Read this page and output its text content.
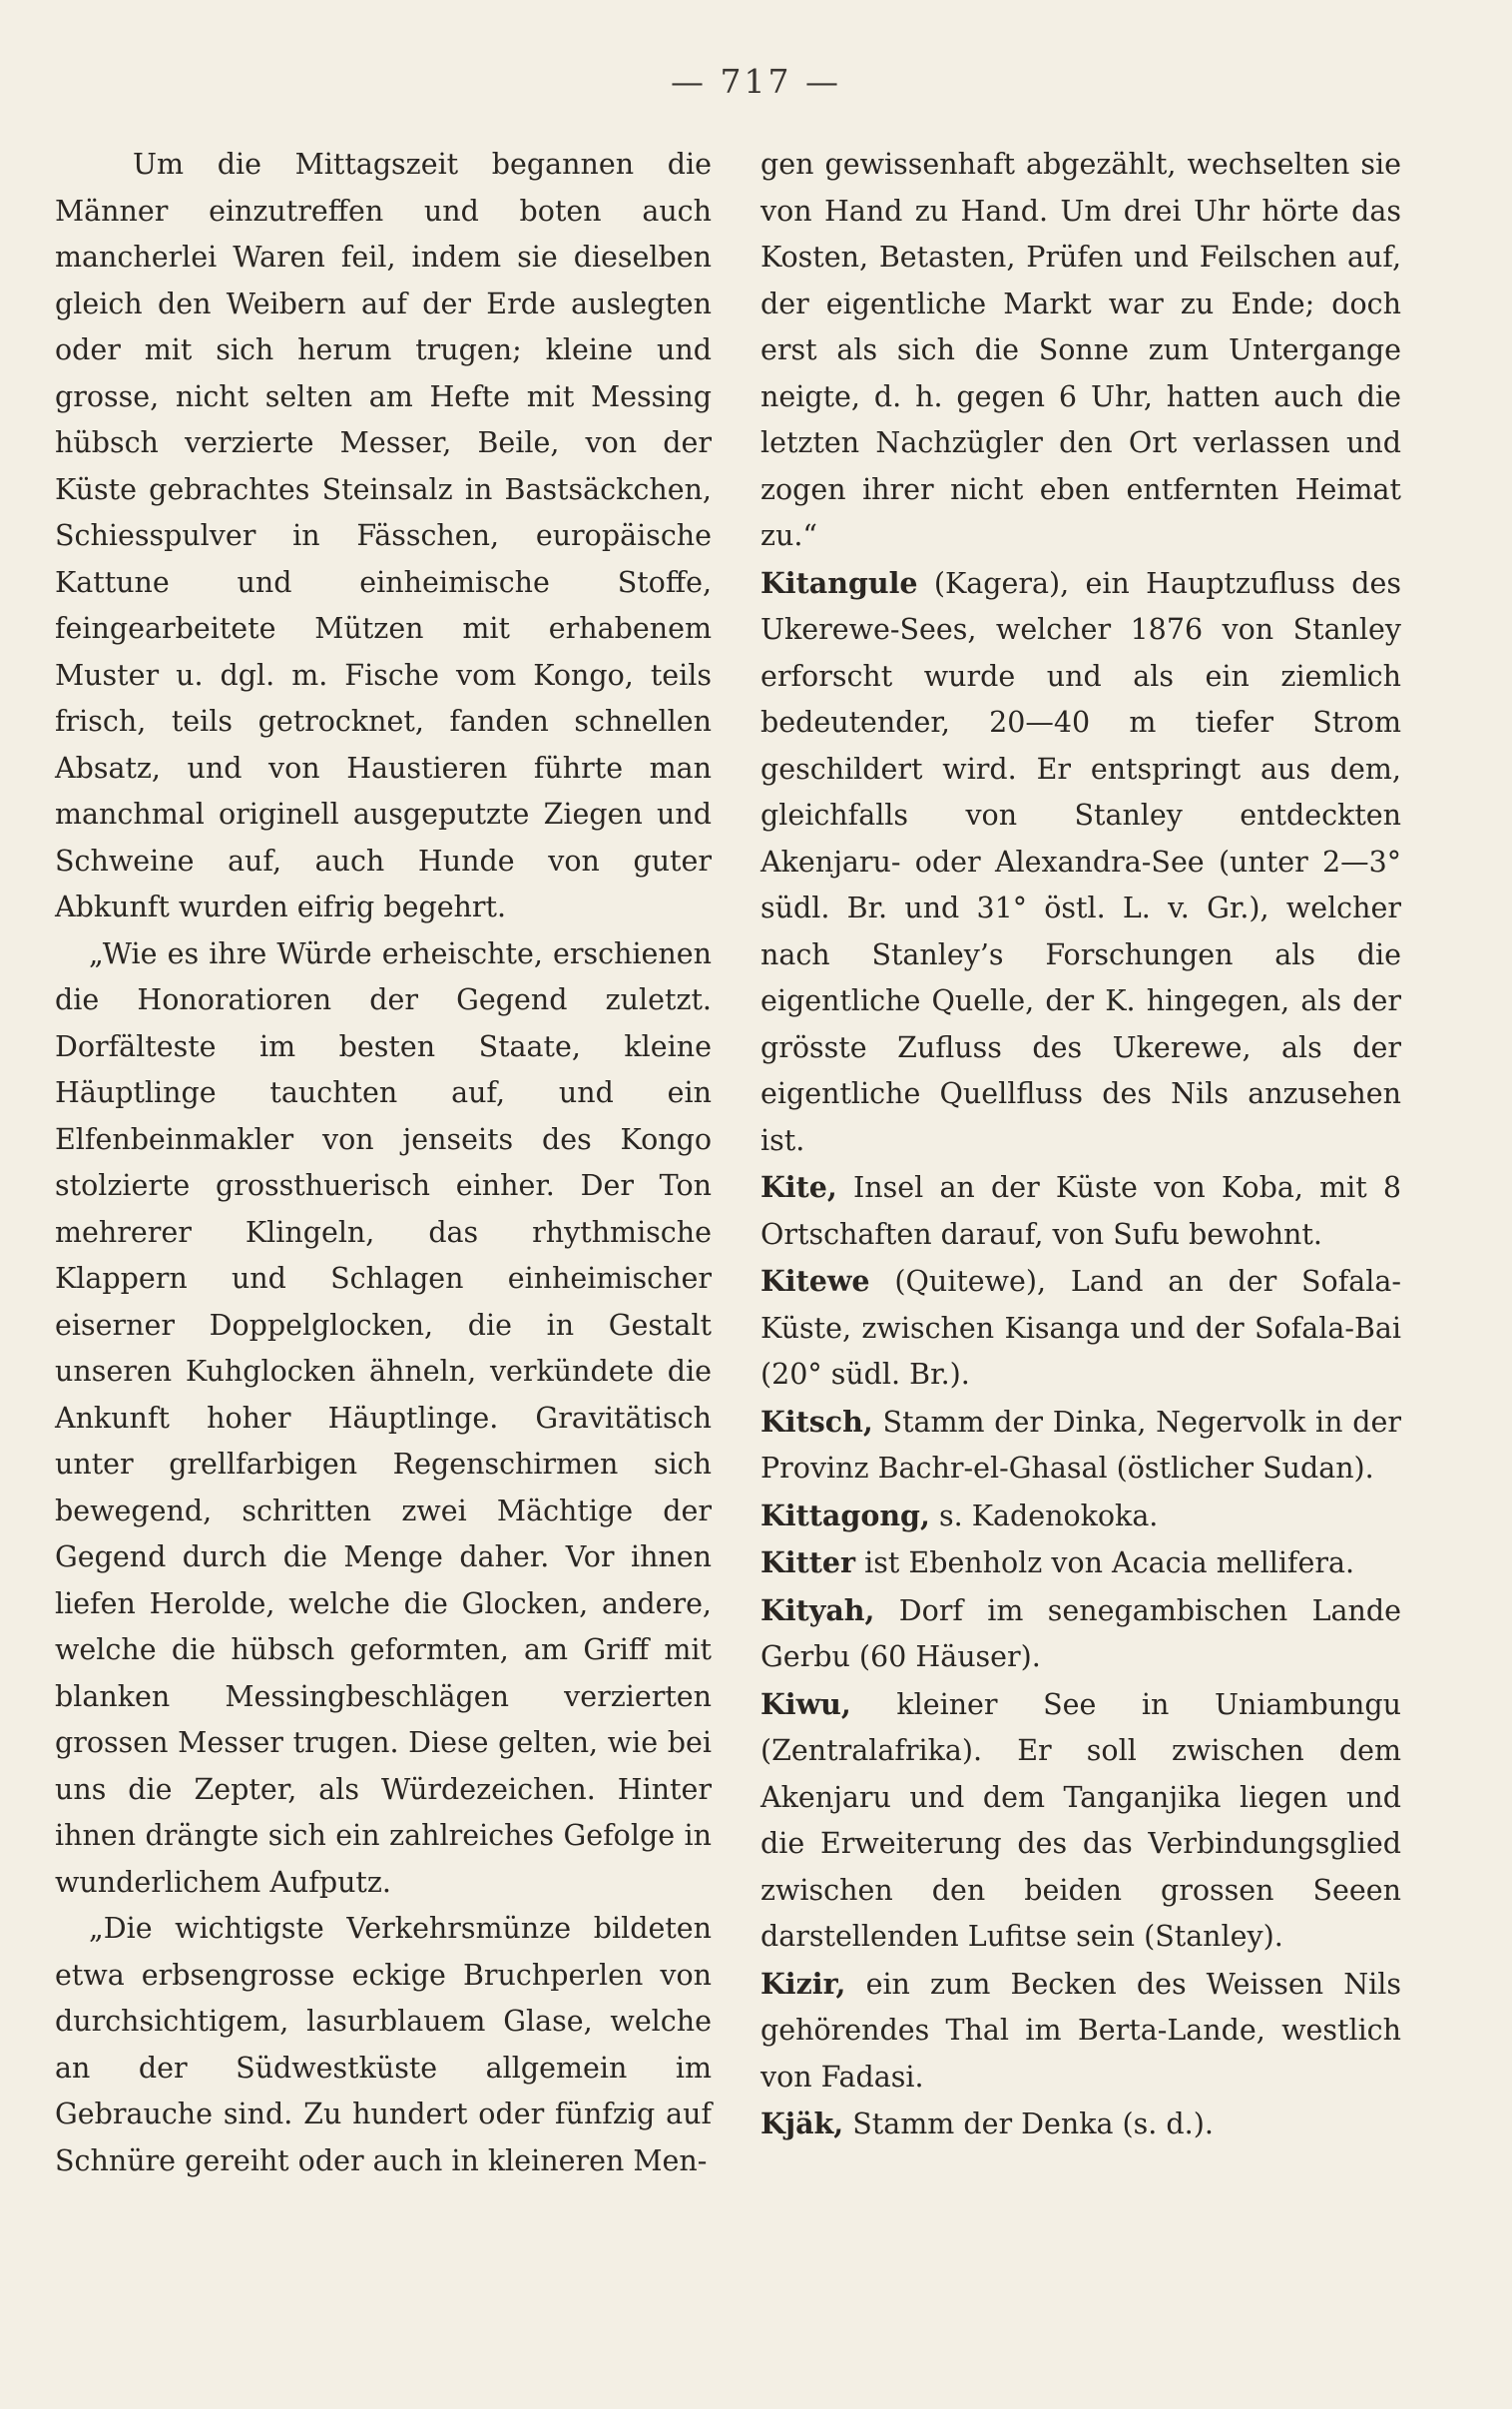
— 717 —

Um die Mittagszeit begannen die Männer einzutreffen und boten auch mancherlei Waren feil, indem sie dieselben gleich den Weibern auf der Erde auslegten oder mit sich herum trugen; kleine und grosse, nicht selten am Hefte mit Messing hübsch verzierte Messer, Beile, von der Küste gebrachtes Steinsalz in Bastsäckchen, Schiesspulver in Fässchen, europäische Kattune und einheimische Stoffe, feingearbeitete Mützen mit erhabenem Muster u. dgl. m. Fische vom Kongo, teils frisch, teils getrocknet, fanden schnellen Absatz, und von Haustieren führte man manchmal originell ausgeputzte Ziegen und Schweine auf, auch Hunde von guter Abkunft wurden eifrig begehrt.

„Wie es ihre Würde erheischte, erschienen die Honoratioren der Gegend zuletzt. Dorfälteste im besten Staate, kleine Häuptlinge tauchten auf, und ein Elfenbeinmakler von jenseits des Kongo stolzierte grossthuerisch einher. Der Ton mehrerer Klingeln, das rhythmische Klappern und Schlagen einheimischer eiserner Doppelglocken, die in Gestalt unseren Kuhglocken ähneln, verkündete die Ankunft hoher Häuptlinge. Gravitätisch unter grellfarbigen Regenschirmen sich bewegend, schritten zwei Mächtige der Gegend durch die Menge daher. Vor ihnen liefen Herolde, welche die Glocken, andere, welche die hübsch geformten, am Griff mit blanken Messingbeschlägen verzierten grossen Messer trugen. Diese gelten, wie bei uns die Zepter, als Würdezeichen. Hinter ihnen drängte sich ein zahlreiches Gefolge in wunderlichem Aufputz.

„Die wichtigste Verkehrsmünze bildeten etwa erbsengrosse eckige Bruchperlen von durchsichtigem, lasurblauem Glase, welche an der Südwestküste allgemein im Gebrauche sind. Zu hundert oder fünfzig auf Schnüre gereiht oder auch in kleineren Men-

gen gewissenhaft abgezählt, wechselten sie von Hand zu Hand. Um drei Uhr hörte das Kosten, Betasten, Prüfen und Feilschen auf, der eigentliche Markt war zu Ende; doch erst als sich die Sonne zum Untergange neigte, d. h. gegen 6 Uhr, hatten auch die letzten Nachzügler den Ort verlassen und zogen ihrer nicht eben entfernten Heimat zu.“

Kitangule (Kagera), ein Hauptzufluss des Ukerewe-Sees, welcher 1876 von Stanley erforscht wurde und als ein ziemlich bedeutender, 20—40 m tiefer Strom geschildert wird. Er entspringt aus dem, gleichfalls von Stanley entdeckten Akenjaru- oder Alexandra-See (unter 2—3° südl. Br. und 31° östl. L. v. Gr.), welcher nach Stanley’s Forschungen als die eigentliche Quelle, der K. hingegen, als der grösste Zufluss des Ukerewe, als der eigentliche Quellfluss des Nils anzusehen ist.

Kite, Insel an der Küste von Koba, mit 8 Ortschaften darauf, von Sufu bewohnt.

Kitewe (Quitewe), Land an der Sofala-Küste, zwischen Kisanga und der Sofala-Bai (20° südl. Br.).

Kitsch, Stamm der Dinka, Negervolk in der Provinz Bachr-el-Ghasal (östlicher Sudan).

Kittagong, s. Kadenokoka.

Kitter ist Ebenholz von Acacia mellifera.

Kityah, Dorf im senegambischen Lande Gerbu (60 Häuser).

Kiwu, kleiner See in Uniambungu (Zentralafrika). Er soll zwischen dem Akenjaru und dem Tanganjika liegen und die Erweiterung des das Verbindungsglied zwischen den beiden grossen Seeen darstellenden Lufitse sein (Stanley).

Kizir, ein zum Becken des Weissen Nils gehörendes Thal im Berta-Lande, westlich von Fadasi.

Kjäk, Stamm der Denka (s. d.).
